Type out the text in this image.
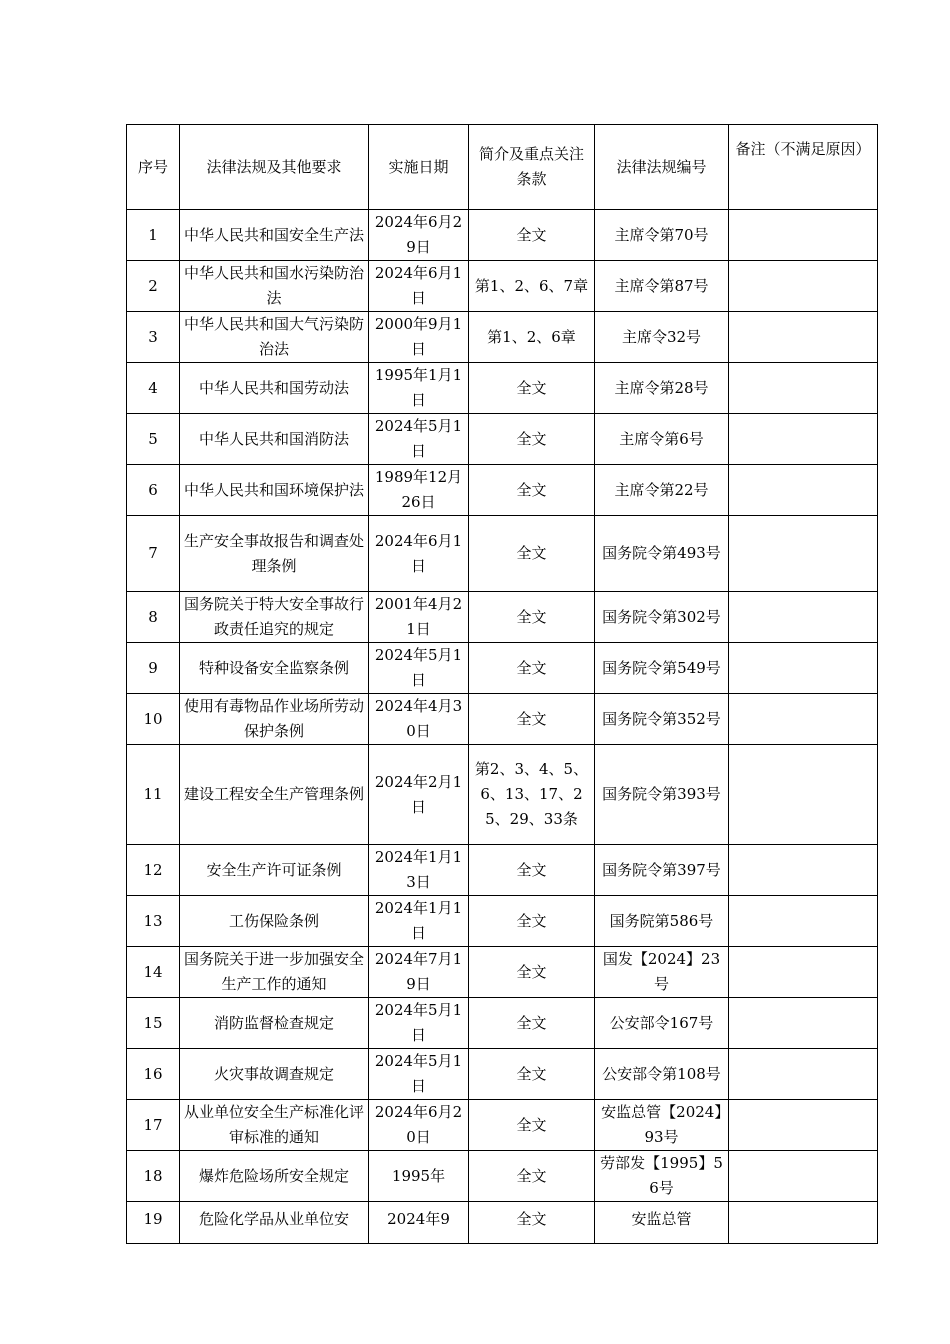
序号	法律法规及其他要求	实施日期	简介及重点关注条款	法律法规编号	备注（不满足原因）
1	中华人民共和国安全生产法	2024年6月29日	全文	主席令第70号	
2	中华人民共和国水污染防治法	2024年6月1日	第1、2、6、7章	主席令第87号	
3	中华人民共和国大气污染防治法	2000年9月1日	第1、2、6章	主席令32号	
4	中华人民共和国劳动法	1995年1月1日	全文	主席令第28号	
5	中华人民共和国消防法	2024年5月1日	全文	主席令第6号	
6	中华人民共和国环境保护法	1989年12月26日	全文	主席令第22号	
7	生产安全事故报告和调查处理条例	2024年6月1日	全文	国务院令第493号	
8	国务院关于特大安全事故行政责任追究的规定	2001年4月21日	全文	国务院令第302号	
9	特种设备安全监察条例	2024年5月1日	全文	国务院令第549号	
10	使用有毒物品作业场所劳动保护条例	2024年4月30日	全文	国务院令第352号	
11	建设工程安全生产管理条例	2024年2月1日	第2、3、4、5、6、13、17、25、29、33条	国务院令第393号	
12	安全生产许可证条例	2024年1月13日	全文	国务院令第397号	
13	工伤保险条例	2024年1月1日	全文	国务院第586号	
14	国务院关于进一步加强安全生产工作的通知	2024年7月19日	全文	国发【2024】23号	
15	消防监督检查规定	2024年5月1日	全文	公安部令167号	
16	火灾事故调查规定	2024年5月1日	全文	公安部令第108号	
17	从业单位安全生产标准化评审标准的通知	2024年6月20日	全文	安监总管【2024】93号	
18	爆炸危险场所安全规定	1995年	全文	劳部发【1995】56号	
19	危险化学品从业单位安	2024年9	全文	安监总管	
